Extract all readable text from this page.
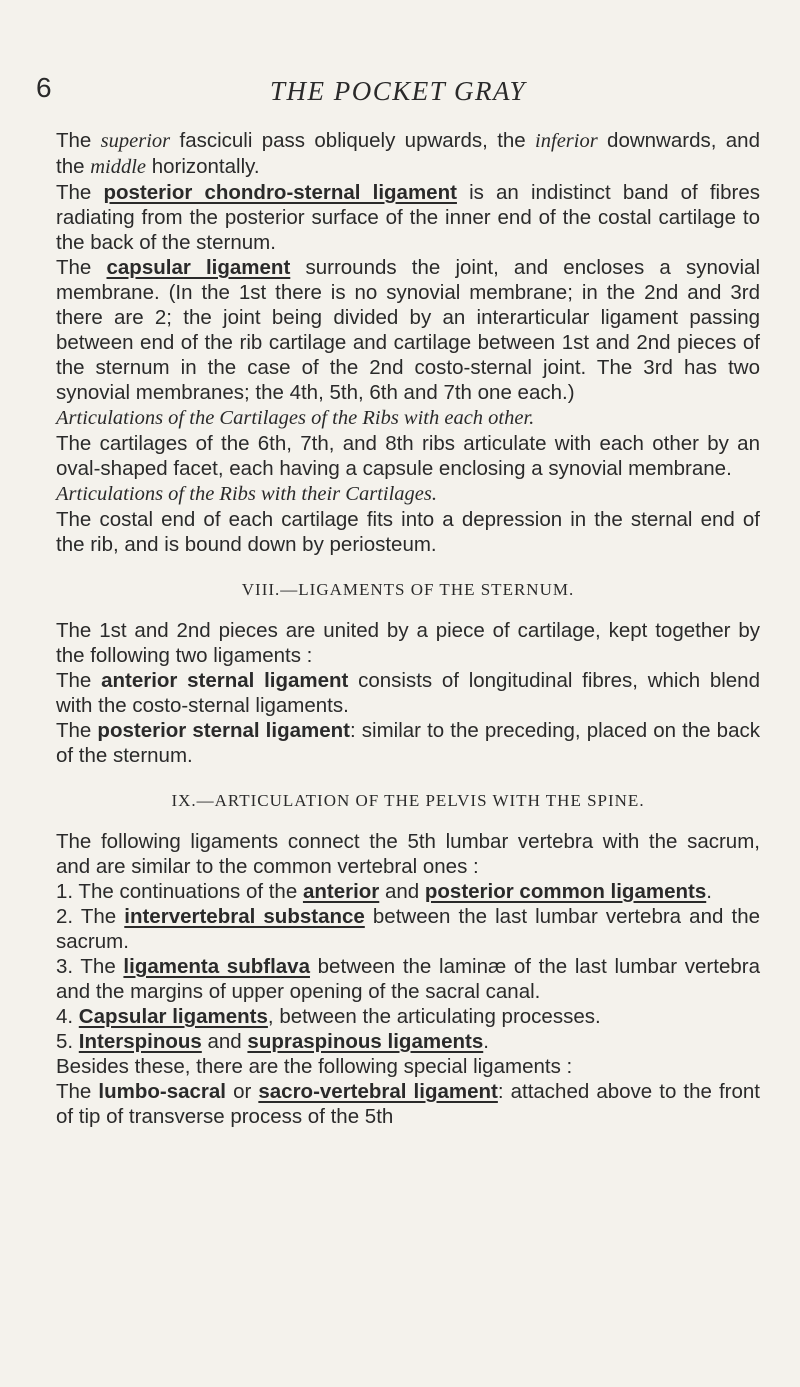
6	THE POCKET GRAY

The superior fasciculi pass obliquely upwards, the inferior downwards, and the middle horizontally.

The posterior chondro-sternal ligament is an indistinct band of fibres radiating from the posterior surface of the inner end of the costal cartilage to the back of the sternum.

The capsular ligament surrounds the joint, and encloses a synovial membrane. (In the 1st there is no synovial membrane; in the 2nd and 3rd there are 2; the joint being divided by an interarticular ligament passing between end of the rib cartilage and cartilage between 1st and 2nd pieces of the sternum in the case of the 2nd costo-sternal joint. The 3rd has two synovial membranes; the 4th, 5th, 6th and 7th one each.)

Articulations of the Cartilages of the Ribs with each other.

The cartilages of the 6th, 7th, and 8th ribs articulate with each other by an oval-shaped facet, each having a capsule enclosing a synovial membrane.

Articulations of the Ribs with their Cartilages.

The costal end of each cartilage fits into a depression in the sternal end of the rib, and is bound down by periosteum.

VIII.—LIGAMENTS OF THE STERNUM.

The 1st and 2nd pieces are united by a piece of cartilage, kept together by the following two ligaments :

The anterior sternal ligament consists of longitudinal fibres, which blend with the costo-sternal ligaments.

The posterior sternal ligament: similar to the preceding, placed on the back of the sternum.

IX.—ARTICULATION OF THE PELVIS WITH THE SPINE.

The following ligaments connect the 5th lumbar vertebra with the sacrum, and are similar to the common vertebral ones :

1. The continuations of the anterior and posterior common ligaments.

2. The intervertebral substance between the last lumbar vertebra and the sacrum.

3. The ligamenta subflava between the laminæ of the last lumbar vertebra and the margins of upper opening of the sacral canal.

4. Capsular ligaments, between the articulating processes.

5. Interspinous and supraspinous ligaments.

Besides these, there are the following special ligaments :

The lumbo-sacral or sacro-vertebral ligament: attached above to the front of tip of transverse process of the 5th
